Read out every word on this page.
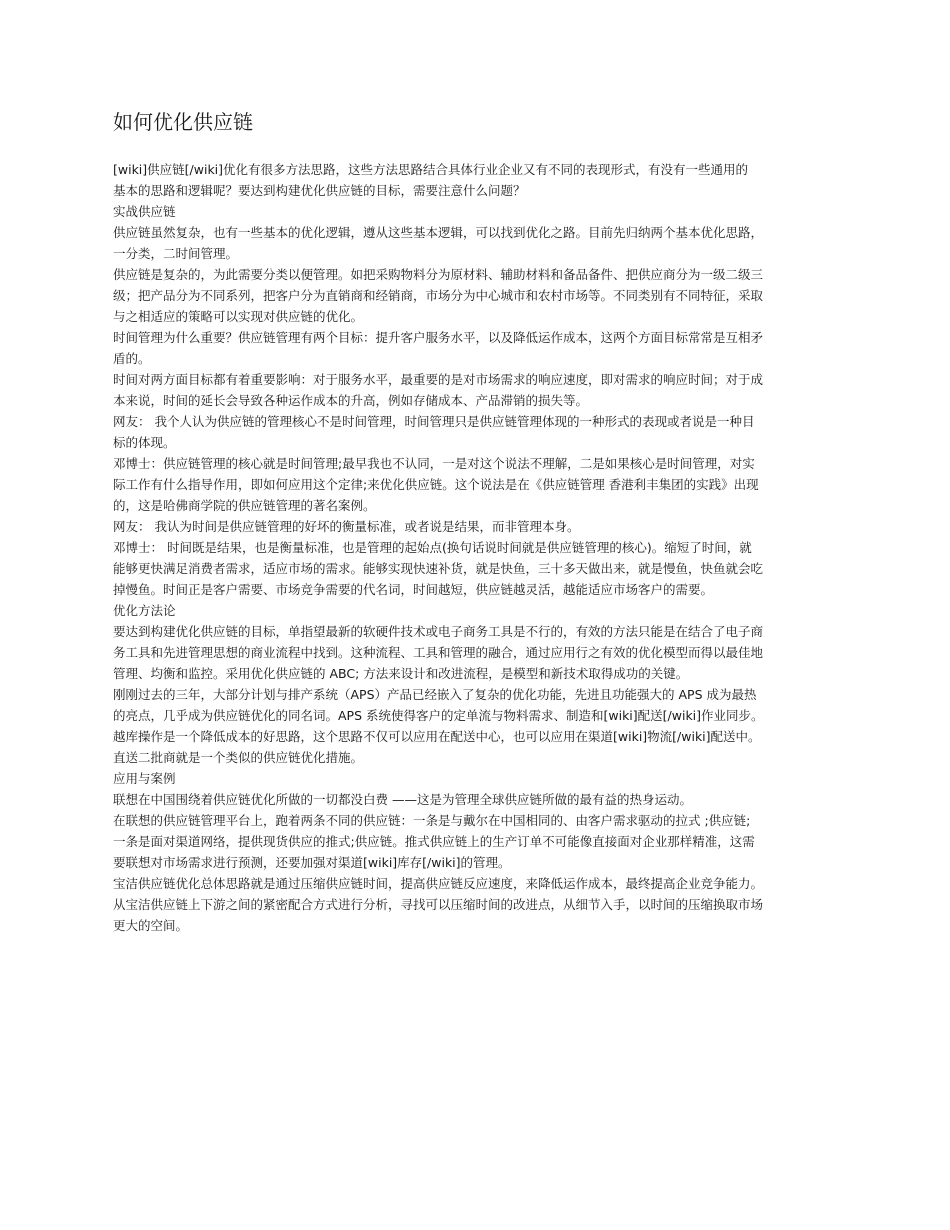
如何优化供应链
[wiki]供应链[/wiki]优化有很多方法思路，这些方法思路结合具体行业企业又有不同的表现形式，有没有一些通用的
基本的思路和逻辑呢？要达到构建优化供应链的目标，需要注意什么问题？
实战供应链
供应链虽然复杂，也有一些基本的优化逻辑，遵从这些基本逻辑，可以找到优化之路。目前先归纳两个基本优化思路，
一分类，二时间管理。
供应链是复杂的，为此需要分类以便管理。如把采购物料分为原材料、辅助材料和备品备件、把供应商分为一级二级三
级；把产品分为不同系列，把客户分为直销商和经销商，市场分为中心城市和农村市场等。不同类别有不同特征，采取
与之相适应的策略可以实现对供应链的优化。
时间管理为什么重要？供应链管理有两个目标：提升客户服务水平，以及降低运作成本，这两个方面目标常常是互相矛
盾的。
时间对两方面目标都有着重要影响：对于服务水平，最重要的是对市场需求的响应速度，即对需求的响应时间；对于成
本来说，时间的延长会导致各种运作成本的升高，例如存储成本、产品滞销的损失等。
网友： 我个人认为供应链的管理核心不是时间管理，时间管理只是供应链管理体现的一种形式的表现或者说是一种目
标的体现。
邓博士：供应链管理的核心就是时间管理;最早我也不认同，一是对这个说法不理解，二是如果核心是时间管理，对实
际工作有什么指导作用，即如何应用这个定律;来优化供应链。这个说法是在《供应链管理 香港利丰集团的实践》出现
的，这是哈佛商学院的供应链管理的著名案例。
网友： 我认为时间是供应链管理的好坏的衡量标准，或者说是结果，而非管理本身。
邓博士： 时间既是结果，也是衡量标准，也是管理的起始点(换句话说时间就是供应链管理的核心)。缩短了时间，就
能够更快满足消费者需求，适应市场的需求。能够实现快速补货，就是快鱼，三十多天做出来，就是慢鱼，快鱼就会吃
掉慢鱼。时间正是客户需要、市场竞争需要的代名词，时间越短，供应链越灵活，越能适应市场客户的需要。
优化方法论
要达到构建优化供应链的目标，单指望最新的软硬件技术或电子商务工具是不行的，有效的方法只能是在结合了电子商
务工具和先进管理思想的商业流程中找到。这种流程、工具和管理的融合，通过应用行之有效的优化模型而得以最佳地
管理、均衡和监控。采用优化供应链的 ABC; 方法来设计和改进流程，是模型和新技术取得成功的关键。
刚刚过去的三年，大部分计划与排产系统（APS）产品已经嵌入了复杂的优化功能，先进且功能强大的 APS 成为最热
的亮点，几乎成为供应链优化的同名词。APS 系统使得客户的定单流与物料需求、制造和[wiki]配送[/wiki]作业同步。
越库操作是一个降低成本的好思路，这个思路不仅可以应用在配送中心，也可以应用在渠道[wiki]物流[/wiki]配送中。
直送二批商就是一个类似的供应链优化措施。
应用与案例
联想在中国围绕着供应链优化所做的一切都没白费 ——这是为管理全球供应链所做的最有益的热身运动。
在联想的供应链管理平台上，跑着两条不同的供应链：一条是与戴尔在中国相同的、由客户需求驱动的拉式 ;供应链;
一条是面对渠道网络，提供现货供应的推式;供应链。推式供应链上的生产订单不可能像直接面对企业那样精准，这需
要联想对市场需求进行预测，还要加强对渠道[wiki]库存[/wiki]的管理。
宝洁供应链优化总体思路就是通过压缩供应链时间，提高供应链反应速度，来降低运作成本，最终提高企业竞争能力。
从宝洁供应链上下游之间的紧密配合方式进行分析，寻找可以压缩时间的改进点，从细节入手，以时间的压缩换取市场
更大的空间。
